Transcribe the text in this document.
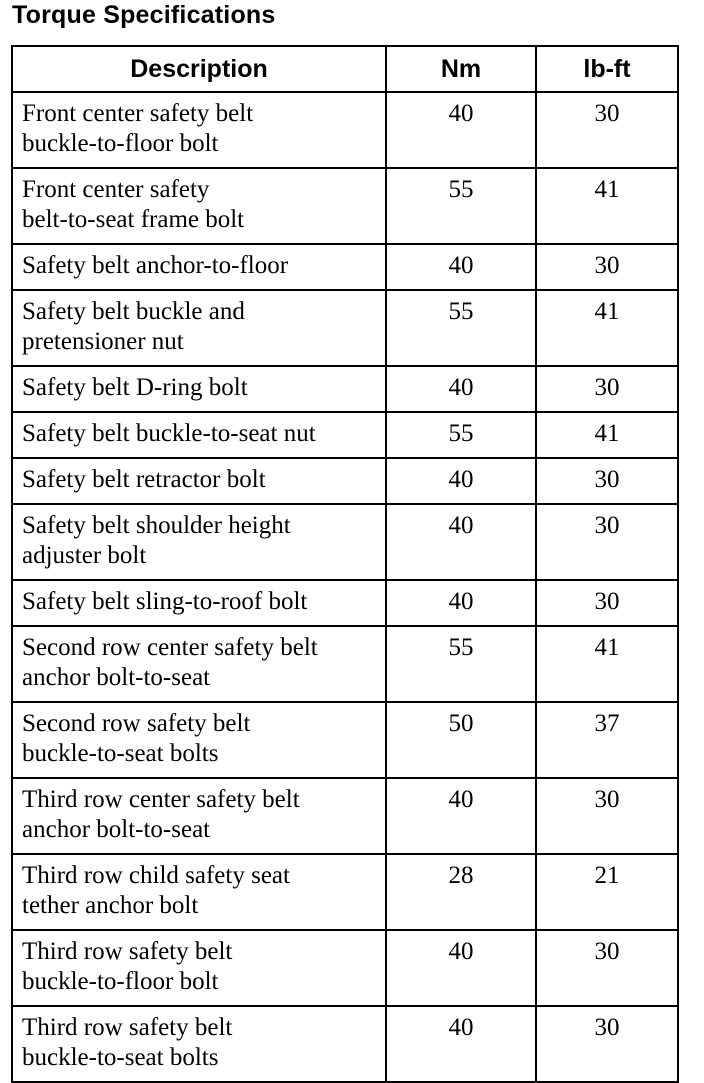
Torque Specifications
Description	Nm	lb-ft

Front center safety belt
buckle-to-floor bolt	40	30

Front center safety
belt-to-seat frame bolt	55	41

Safety belt anchor-to-floor	40	30

Safety belt buckle and
pretensioner nut	55	41

Safety belt D-ring bolt	40	30

Safety belt buckle-to-seat nut	55	41

Safety belt retractor bolt	40	30

Safety belt shoulder height
adjuster bolt	40	30

Safety belt sling-to-roof bolt	40	30

Second row center safety belt
anchor bolt-to-seat	55	41

Second row safety belt
buckle-to-seat bolts	50	37

Third row center safety belt
anchor bolt-to-seat	40	30

Third row child safety seat
tether anchor bolt	28	21

Third row safety belt
buckle-to-floor bolt	40	30

Third row safety belt
buckle-to-seat bolts	40	30
